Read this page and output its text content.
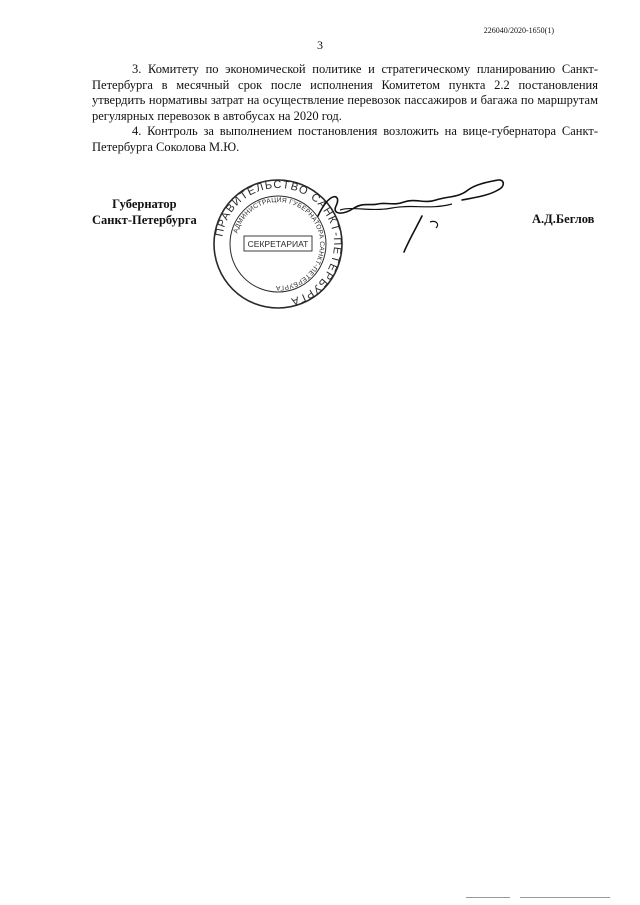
226040/2020-1650(1)
3

3. Комитету по экономической политике и стратегическому планированию Санкт-Петербурга в месячный срок после исполнения Комитетом пункта 2.2 постановления утвердить нормативы затрат на осуществление перевозок пассажиров и багажа по маршрутам регулярных перевозок в автобусах на 2020 год.

4. Контроль за выполнением постановления возложить на вице-губернатора Санкт-Петербурга Соколова М.Ю.

Губернатор
Санкт-Петербурга
ПРАВИТЕЛЬСТВО САНКТ-ПЕТЕРБУРГА
АДМИНИСТРАЦИЯ ГУБЕРНАТОРА САНКТ-ПЕТЕРБУРГА
СЕКРЕТАРИАТ
А.Д.Беглов
